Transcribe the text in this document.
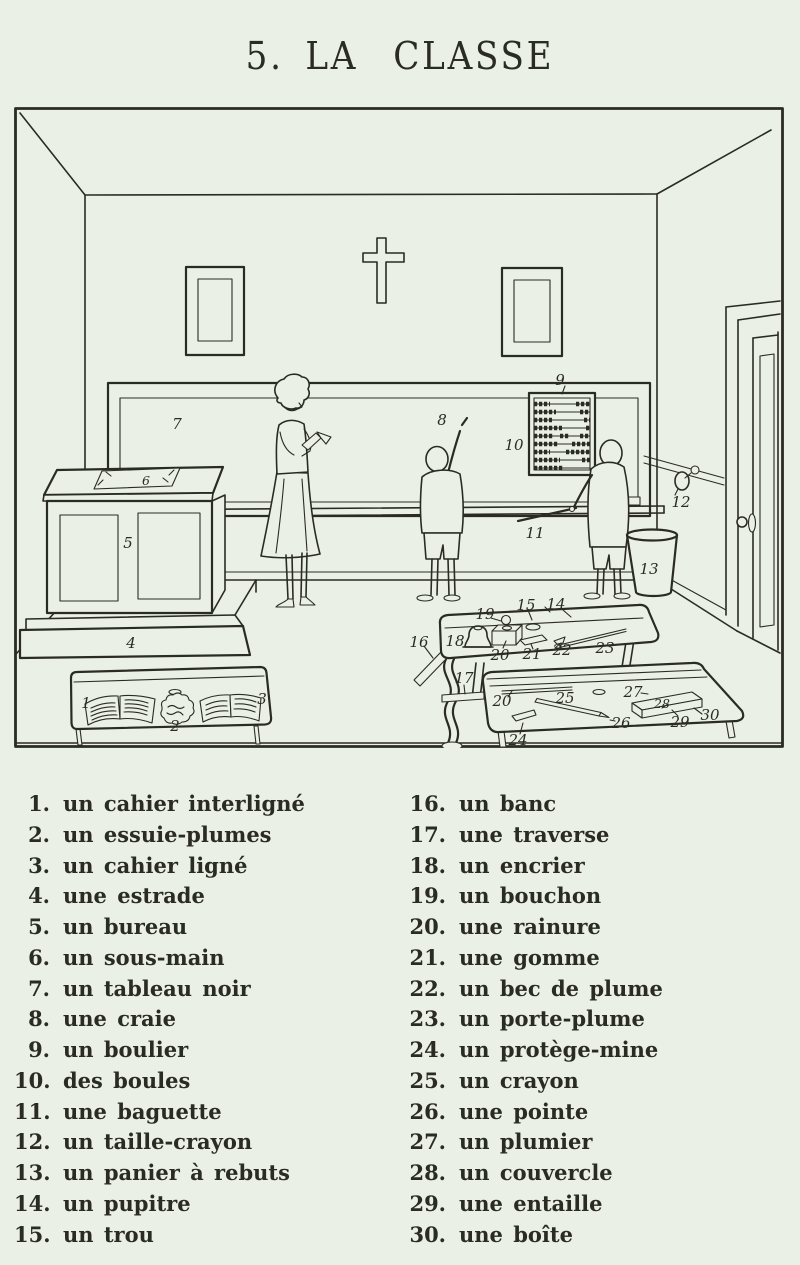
5. LA CLASSE
7
9
10
12
4
5
6
8
11
13
1
2
3
15 14
16
17
18
19
20 21 22 23
20
24
25
26
27
28
29 30
1. un cahier interligné
2. un essuie-plumes
3. un cahier ligné
4. une estrade
5. un bureau
6. un sous-main
7. un tableau noir
8. une craie
9. un boulier
10. des boules
11. une baguette
12. un taille-crayon
13. un panier à rebuts
14. un pupitre
15. un trou
16. un banc
17. une traverse
18. un encrier
19. un bouchon
20. une rainure
21. une gomme
22. un bec de plume
23. un porte-plume
24. un protège-mine
25. un crayon
26. une pointe
27. un plumier
28. un couvercle
29. une entaille
30. une boîte
